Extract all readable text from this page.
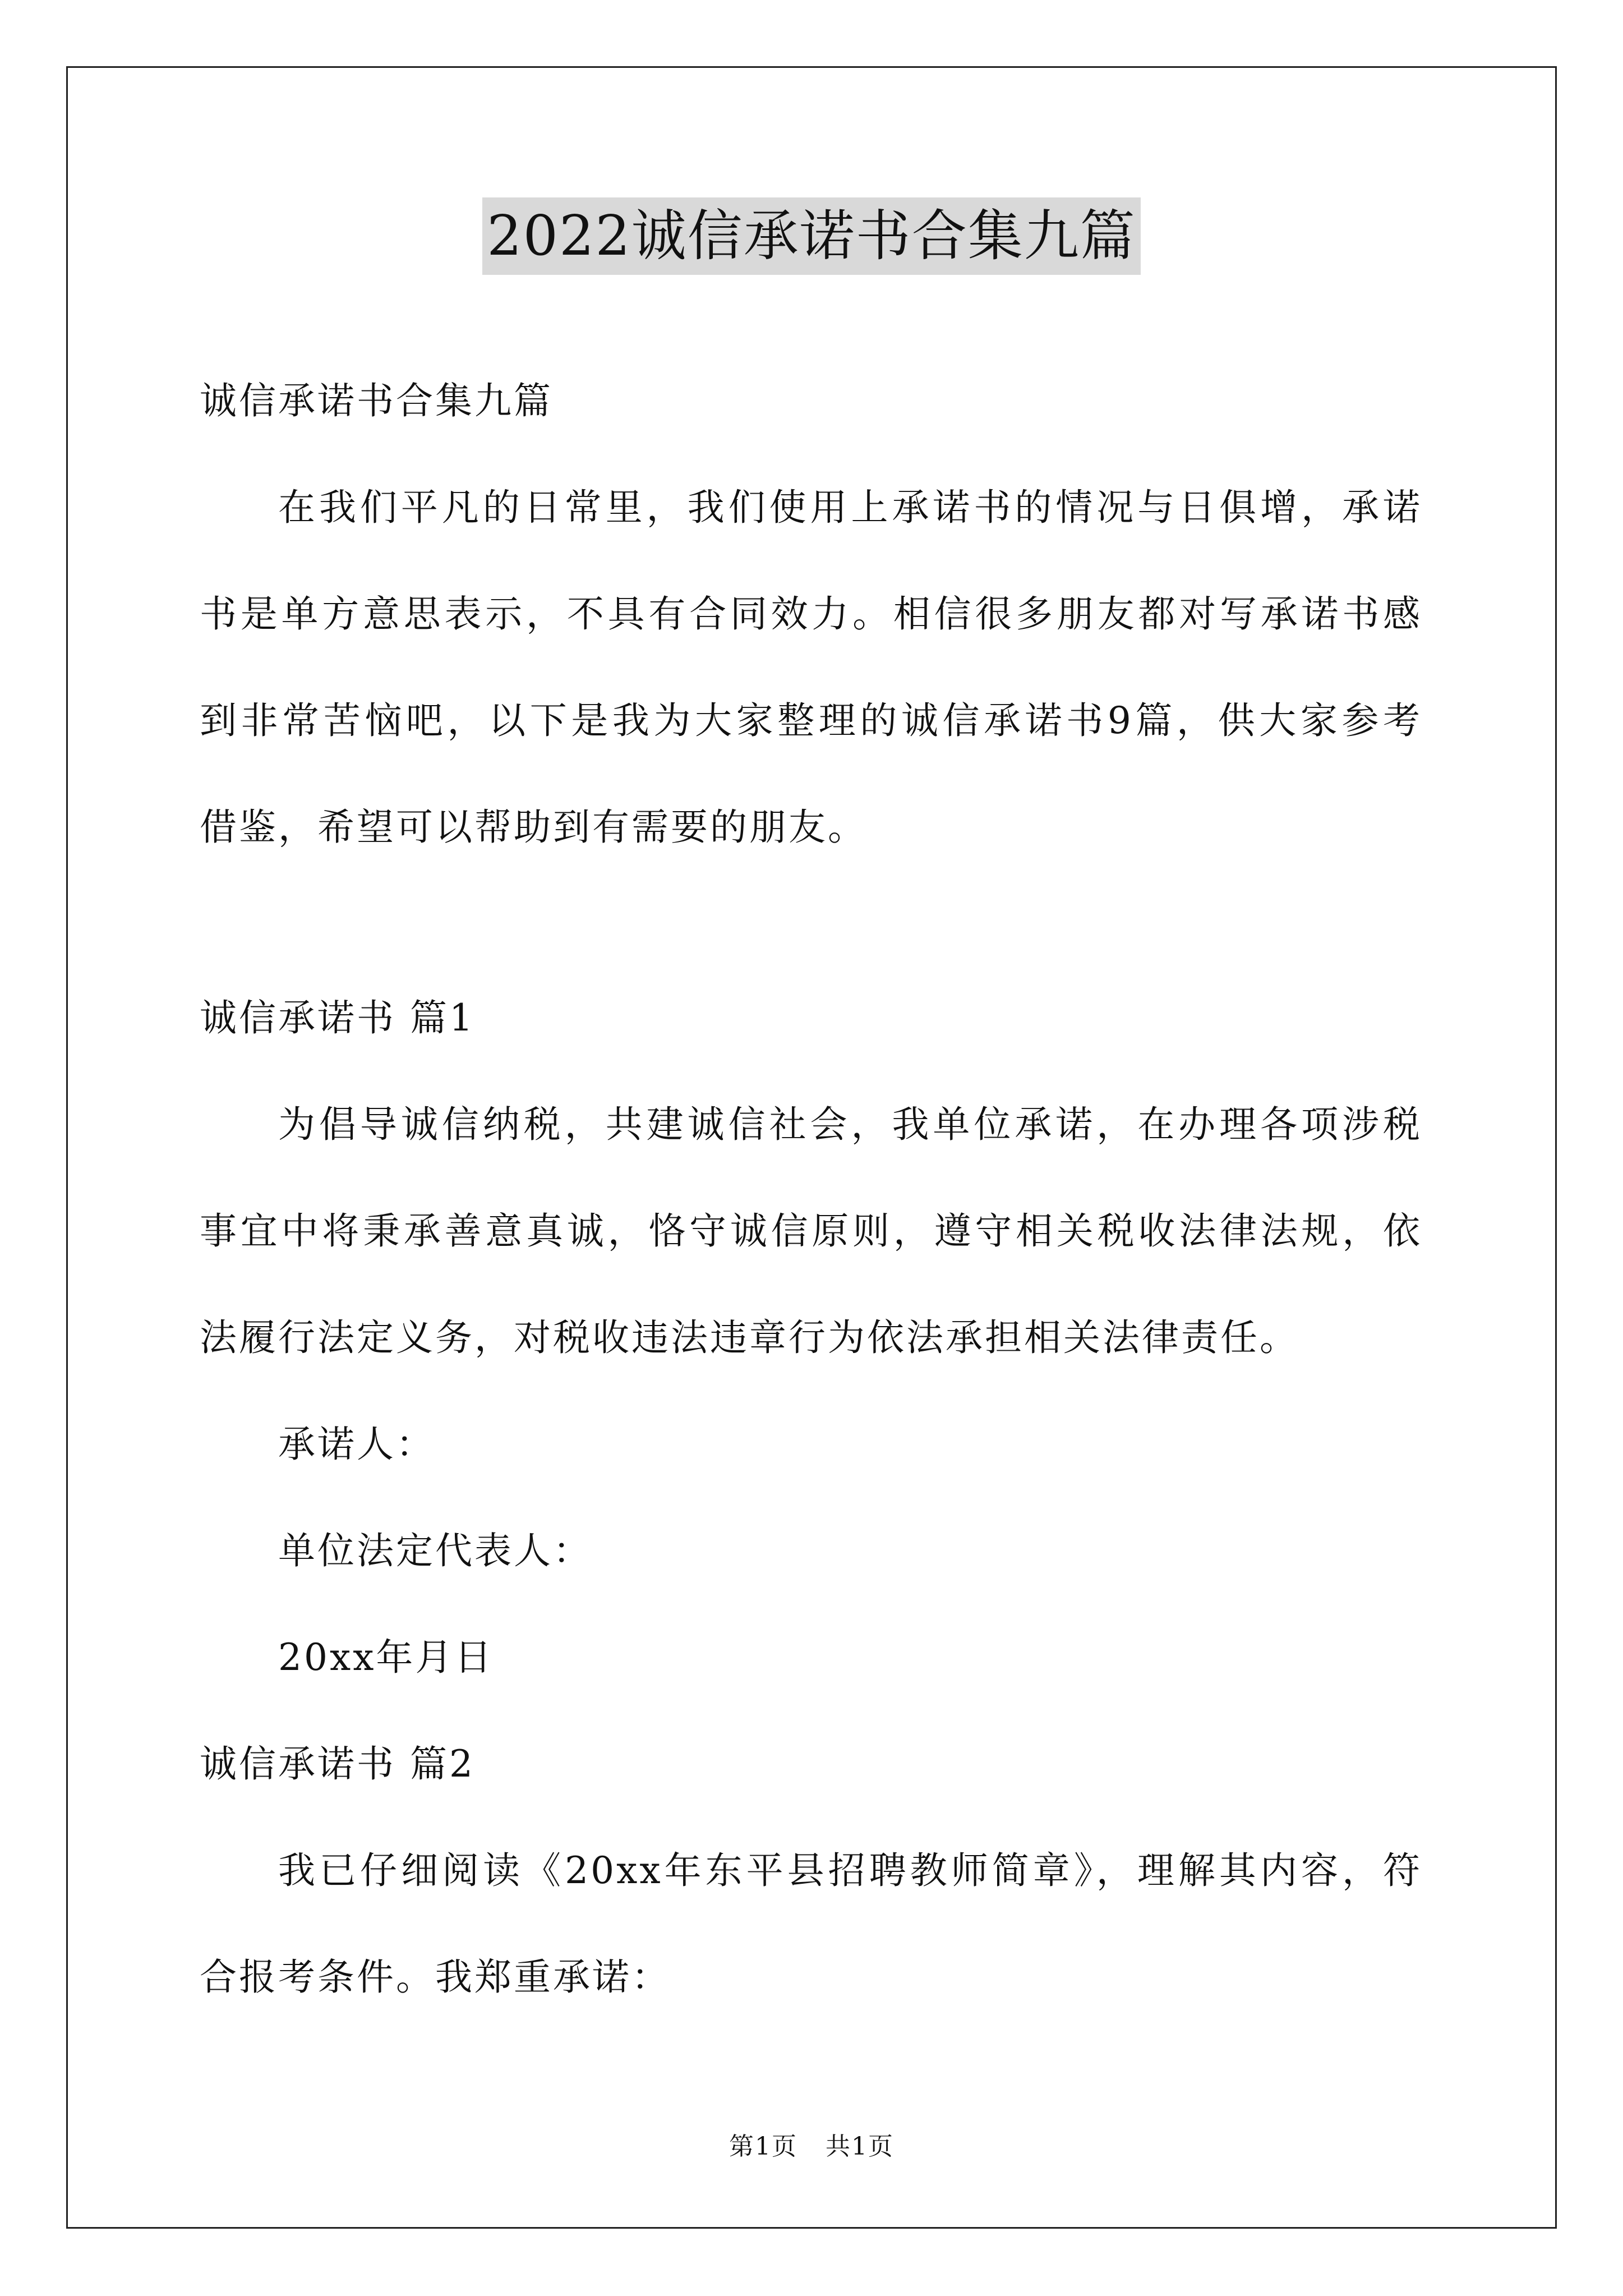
2022诚信承诺书合集九篇
诚信承诺书合集九篇
在我们平凡的日常里，我们使用上承诺书的情况与日俱增，承诺
书是单方意思表示，不具有合同效力。相信很多朋友都对写承诺书感
到非常苦恼吧，以下是我为大家整理的诚信承诺书9篇，供大家参考
借鉴，希望可以帮助到有需要的朋友。
诚信承诺书 篇1
为倡导诚信纳税，共建诚信社会，我单位承诺，在办理各项涉税
事宜中将秉承善意真诚，恪守诚信原则，遵守相关税收法律法规，依
法履行法定义务，对税收违法违章行为依法承担相关法律责任。
承诺人：
单位法定代表人：
20xx年月日
诚信承诺书 篇2
我已仔细阅读《20xx年东平县招聘教师简章》，理解其内容，符
合报考条件。我郑重承诺：
第1页 共1页
